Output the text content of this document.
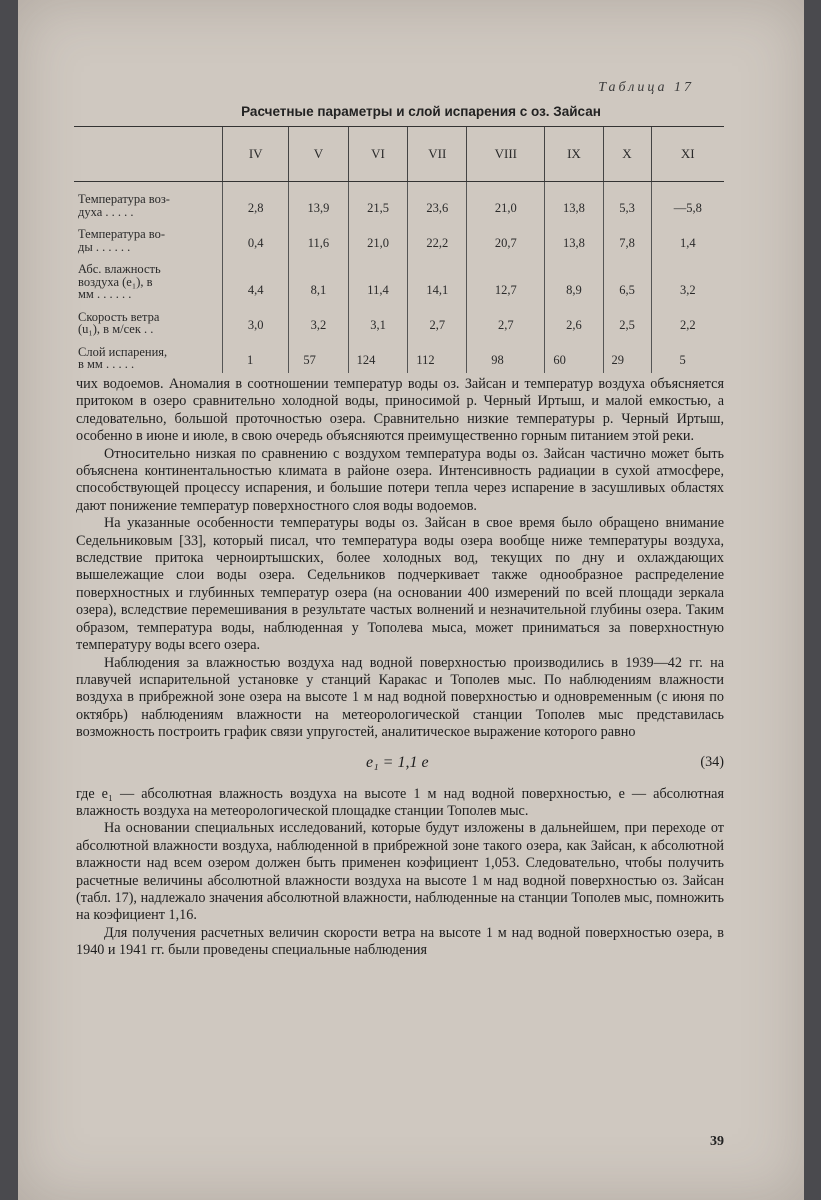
Таблица 17
Расчетные параметры и слой испарения с оз. Зайсан
	IV	V	VI	VII	VIII	IX	X	XI
Температура воз-
духа . . . . .	2,8	13,9	21,5	23,6	21,0	13,8	5,3	—5,8
Температура во-
ды . . . . . .	0,4	11,6	21,0	22,2	20,7	13,8	7,8	1,4
Абс. влажность
воздуха (e₁), в
мм . . . . . .	4,4	8,1	11,4	14,1	12,7	8,9	6,5	3,2
Скорость ветра
(u₁), в м/сек . .	3,0	3,2	3,1	2,7	2,7	2,6	2,5	2,2
Слой испарения,
в мм . . . . .	1	57	124	112	98	60	29	5

чих водоемов. Аномалия в соотношении температур воды оз. Зайсан и температур воздуха объясняется притоком в озеро сравнительно холодной воды, приносимой р. Черный Иртыш, и малой емкостью, а следовательно, большой проточностью озера. Сравнительно низкие температуры р. Черный Иртыш, особенно в июне и июле, в свою очередь объясняются преимущественно горным питанием этой реки.

Относительно низкая по сравнению с воздухом температура воды оз. Зайсан частично может быть объяснена континентальностью климата в районе озера. Интенсивность радиации в сухой атмосфере, способствующей процессу испарения, и большие потери тепла через испарение в засушливых областях дают понижение температур поверхностного слоя воды водоемов.

На указанные особенности температуры воды оз. Зайсан в свое время было обращено внимание Седельниковым [33], который писал, что температура воды озера вообще ниже температуры воздуха, вследствие притока черноиртышских, более холодных вод, текущих по дну и охлаждающих вышележащие слои воды озера. Седельников подчеркивает также однообразное распределение поверхностных и глубинных температур озера (на основании 400 измерений по всей площади зеркала озера), вследствие перемешивания в результате частых волнений и незначительной глубины озера. Таким образом, температура воды, наблюденная у Тополева мыса, может приниматься за поверхностную температуру воды всего озера.

Наблюдения за влажностью воздуха над водной поверхностью производились в 1939—42 гг. на плавучей испарительной установке у станций Каракас и Тополев мыс. По наблюдениям влажности воздуха в прибрежной зоне озера на высоте 1 м над водной поверхностью и одновременным (с июня по октябрь) наблюдениям влажности на метеорологической станции Тополев мыс представилась возможность построить график связи упругостей, аналитическое выражение которого равно

e₁ = 1,1 e	(34)

где e₁ — абсолютная влажность воздуха на высоте 1 м над водной поверхностью, e — абсолютная влажность воздуха на метеорологической площадке станции Тополев мыс.

На основании специальных исследований, которые будут изложены в дальнейшем, при переходе от абсолютной влажности воздуха, наблюденной в прибрежной зоне такого озера, как Зайсан, к абсолютной влажности над всем озером должен быть применен коэфициент 1,053. Следовательно, чтобы получить расчетные величины абсолютной влажности воздуха на высоте 1 м над водной поверхностью оз. Зайсан (табл. 17), надлежало значения абсолютной влажности, наблюденные на станции Тополев мыс, помножить на коэфициент 1,16.

Для получения расчетных величин скорости ветра на высоте 1 м над водной поверхностью озера, в 1940 и 1941 гг. были проведены специальные наблюдения

39
